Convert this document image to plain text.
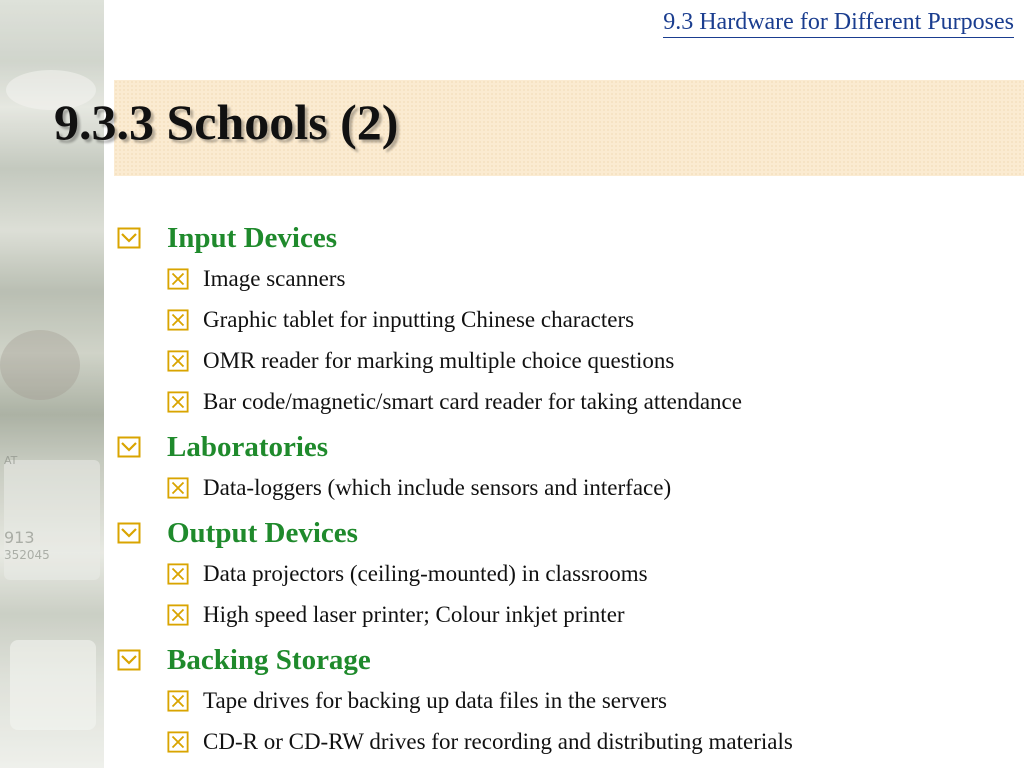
AT
913
352045
9.3 Hardware for Different Purposes
9.3.3 Schools (2)
Input Devices
Image scanners
Graphic tablet for inputting Chinese characters
OMR reader for marking multiple choice questions
Bar code/magnetic/smart card reader for taking attendance
Laboratories
Data-loggers (which include sensors and interface)
Output Devices
Data projectors (ceiling-mounted) in classrooms
High speed laser printer; Colour inkjet printer
Backing Storage
Tape drives for backing up data files in the servers
CD-R or CD-RW drives for recording and distributing materials
